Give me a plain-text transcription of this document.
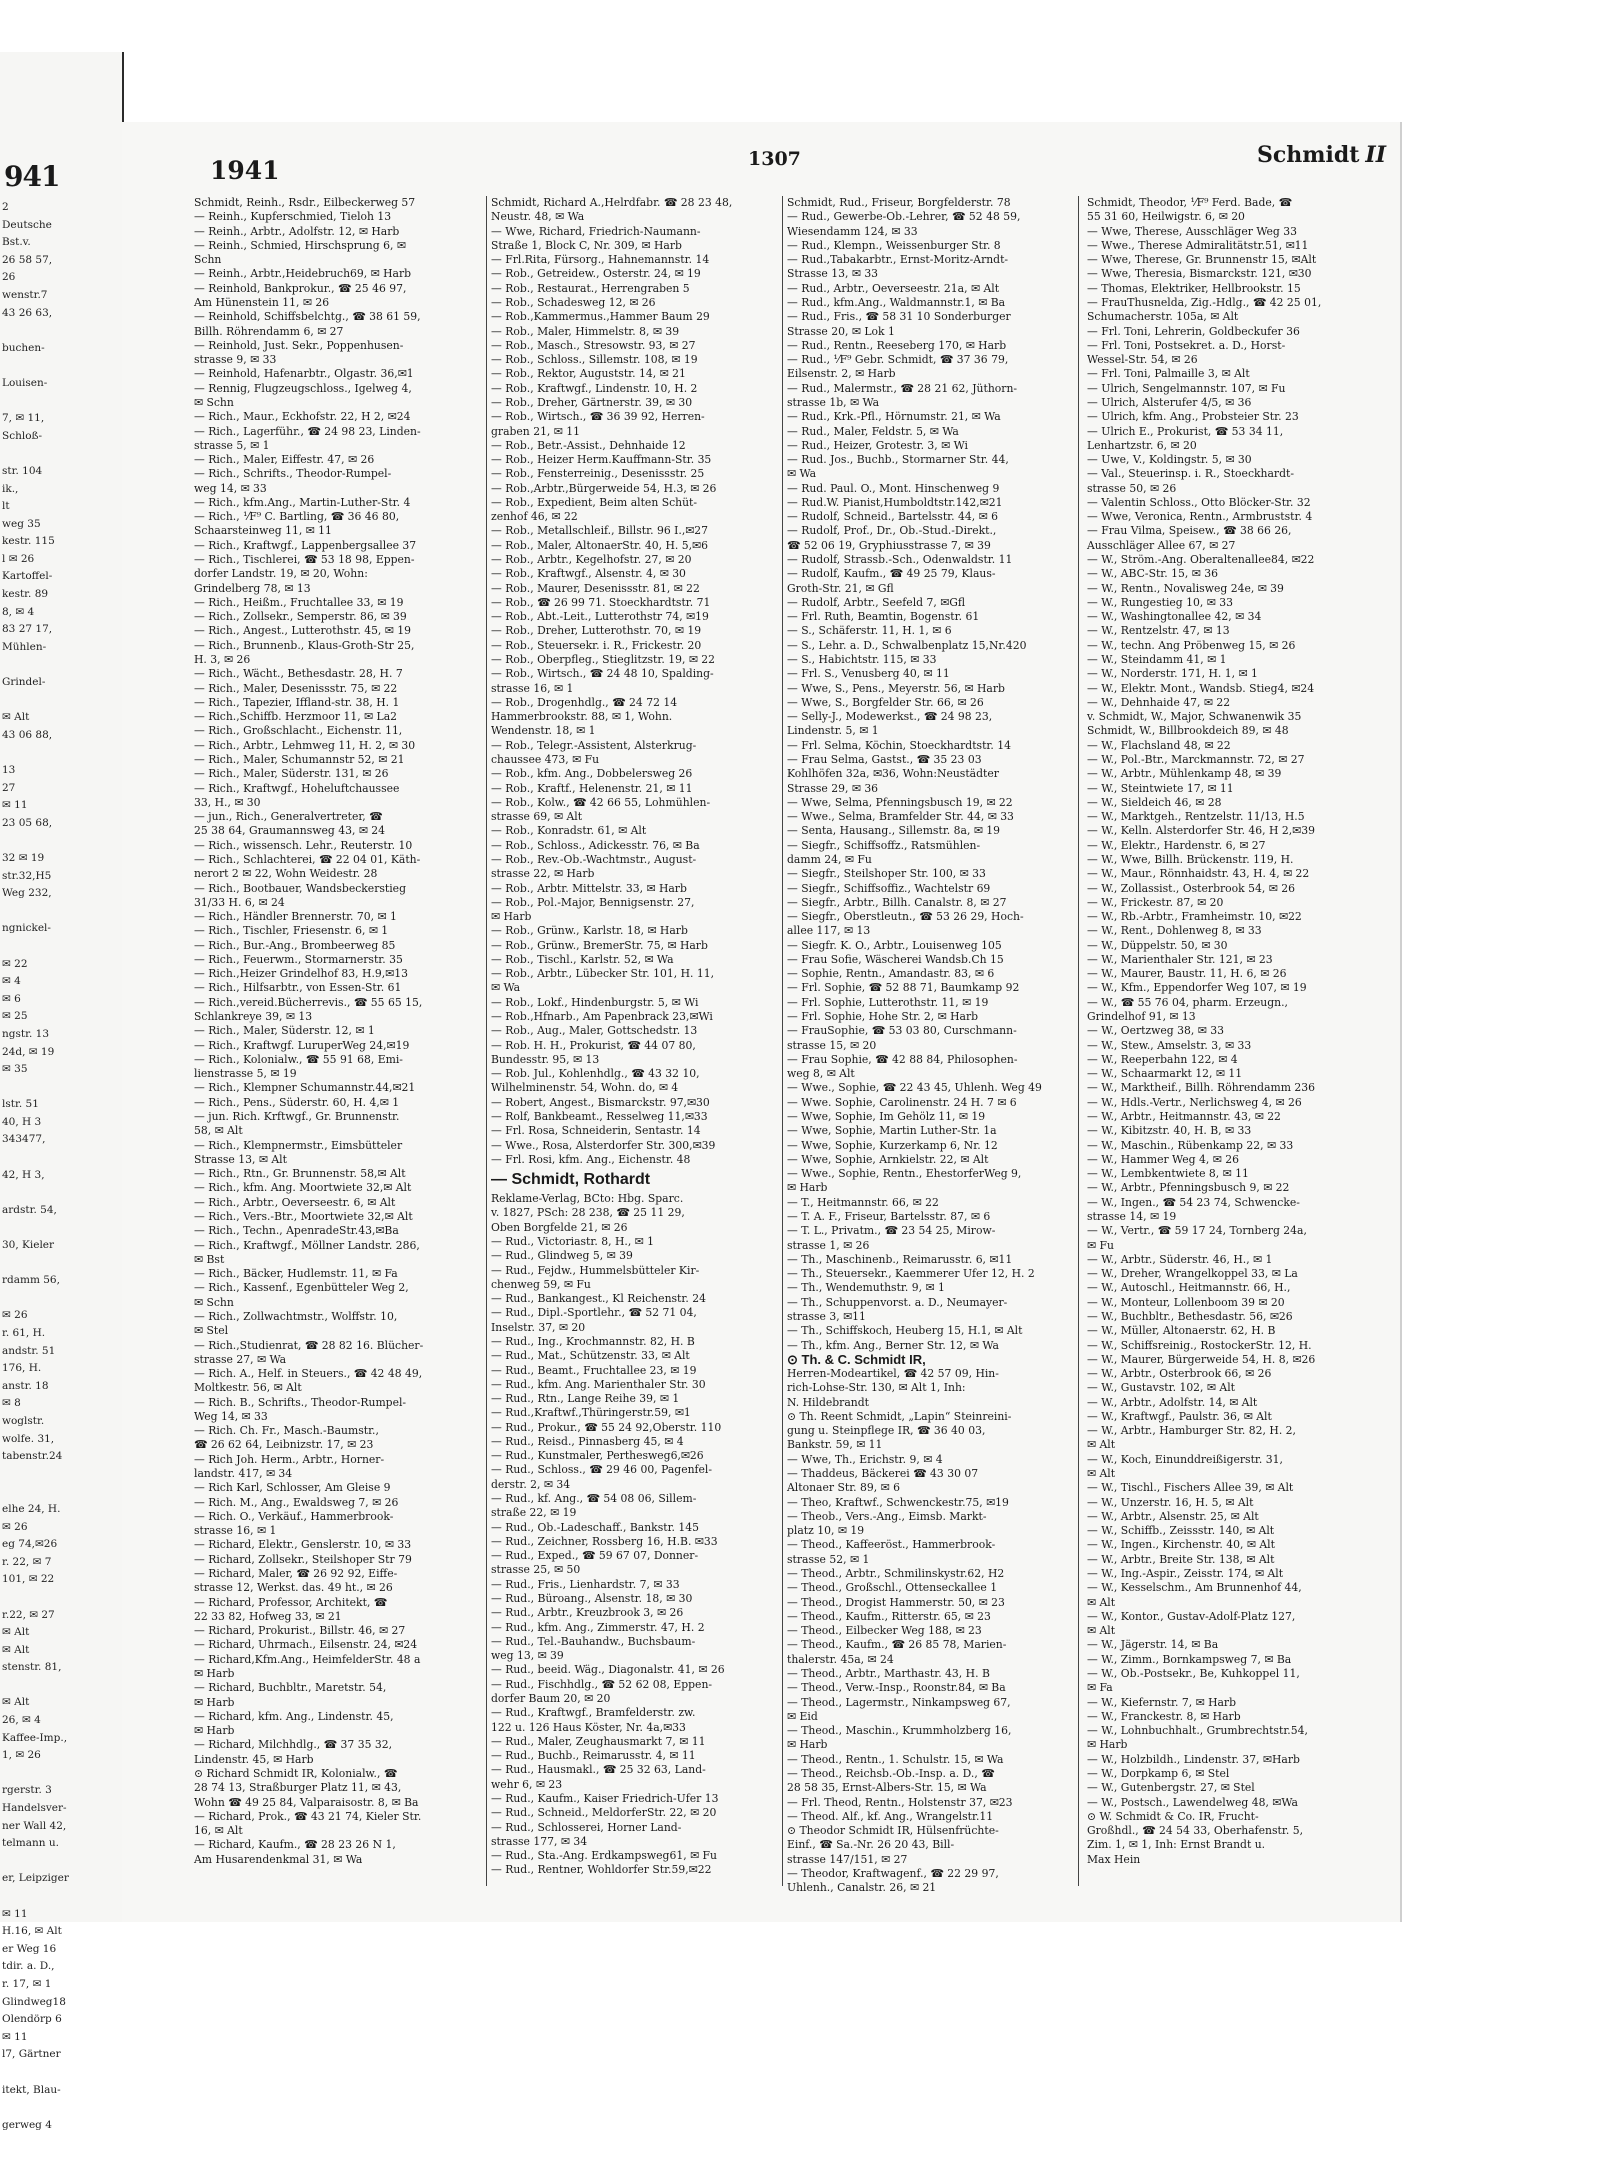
941
2
Deutsche
Bst.v.
26 58 57,
26
wenstr.7
43 26 63,

buchen-

Louisen-

7, ✉ 11,
Schloß-

str. 104
ik.,
lt
weg 35
kestr. 115
l ✉ 26
Kartoffel-
kestr. 89
8, ✉ 4
83 27 17,
Mühlen-

Grindel-

✉ Alt
43 06 88,

13
27
✉ 11
23 05 68,

32 ✉ 19
str.32,H5
Weg 232,

ngnickel-

✉ 22
✉ 4
✉ 6
✉ 25
ngstr. 13
24d, ✉ 19
✉ 35

lstr. 51
40, H 3
343477,

42, H 3,

ardstr. 54,

30, Kieler

rdamm 56,

✉ 26
r. 61, H.
andstr. 51
176, H.
anstr. 18
✉ 8
woglstr.
wolfe. 31,
tabenstr.24

elhe 24, H.
✉ 26
eg 74,✉26
r. 22, ✉ 7
101, ✉ 22

r.22, ✉ 27
✉ Alt
✉ Alt
stenstr. 81,

✉ Alt
26, ✉ 4
Kaffee-Imp.,
1, ✉ 26

rgerstr. 3
Handelsver-
ner Wall 42,
telmann u.

er, Leipziger

✉ 11
H.16, ✉ Alt
er Weg 16
tdir. a. D.,
r. 17, ✉ 1
Glindweg18
Olendörp 6
✉ 11
l7, Gärtner

itekt, Blau-

gerweg 4
1941	1307	Schmidt II
Schmidt, Reinh., Rsdr., Eilbeckerweg 57
— Reinh., Kupferschmied, Tieloh 13
— Reinh., Arbtr., Adolfstr. 12, ✉ Harb
— Reinh., Schmied, Hirschsprung 6, ✉
Schn
— Reinh., Arbtr.,Heidebruch69, ✉ Harb
— Reinhold, Bankprokur., ☎ 25 46 97,
Am Hünenstein 11, ✉ 26
— Reinhold, Schiffsbelchtg., ☎ 38 61 59,
Billh. Röhrendamm 6, ✉ 27
— Reinhold, Just. Sekr., Poppenhusen-
strasse 9, ✉ 33
— Reinhold, Hafenarbtr., Olgastr. 36,✉1
— Rennig, Flugzeugschloss., Igelweg 4,
✉ Schn
— Rich., Maur., Eckhofstr. 22, H 2, ✉24
— Rich., Lagerführ., ☎ 24 98 23, Linden-
strasse 5, ✉ 1
— Rich., Maler, Eiffestr. 47, ✉ 26
— Rich., Schrifts., Theodor-Rumpel-
weg 14, ✉ 33
— Rich., kfm.Ang., Martin-Luther-Str. 4
— Rich., ⅟F⁹ C. Bartling, ☎ 36 46 80,
Schaarsteinweg 11, ✉ 11
— Rich., Kraftwgf., Lappenbergsallee 37
— Rich., Tischlerei, ☎ 53 18 98, Eppen-
dorfer Landstr. 19, ✉ 20, Wohn:
Grindelberg 78, ✉ 13
— Rich., Heißm., Fruchtallee 33, ✉ 19
— Rich., Zollsekr., Semperstr. 86, ✉ 39
— Rich., Angest., Lutterothstr. 45, ✉ 19
— Rich., Brunnenb., Klaus-Groth-Str 25,
H. 3, ✉ 26
— Rich., Wächt., Bethesdastr. 28, H. 7
— Rich., Maler, Desenissstr. 75, ✉ 22
— Rich., Tapezier, Iffland-str. 38, H. 1
— Rich.,Schiffb. Herzmoor 11, ✉ La2
— Rich., Großschlacht., Eichenstr. 11,
— Rich., Arbtr., Lehmweg 11, H. 2, ✉ 30
— Rich., Maler, Schumannstr 52, ✉ 21
— Rich., Maler, Süderstr. 131, ✉ 26
— Rich., Kraftwgf., Hoheluftchaussee
33, H., ✉ 30
— jun., Rich., Generalvertreter, ☎
25 38 64, Graumannsweg 43, ✉ 24
— Rich., wissensch. Lehr., Reuterstr. 10
— Rich., Schlachterei, ☎ 22 04 01, Käth-
nerort 2 ✉ 22, Wohn Weidestr. 28
— Rich., Bootbauer, Wandsbeckerstieg
31/33 H. 6, ✉ 24
— Rich., Händler Brennerstr. 70, ✉ 1
— Rich., Tischler, Friesenstr. 6, ✉ 1
— Rich., Bur.-Ang., Brombeerweg 85
— Rich., Feuerwm., Stormarnerstr. 35
— Rich.,Heizer Grindelhof 83, H.9,✉13
— Rich., Hilfsarbtr., von Essen-Str. 61
— Rich.,vereid.Bücherrevis., ☎ 55 65 15,
Schlankreye 39, ✉ 13
— Rich., Maler, Süderstr. 12, ✉ 1
— Rich., Kraftwgf. LuruperWeg 24,✉19
— Rich., Kolonialw., ☎ 55 91 68, Emi-
lienstrasse 5, ✉ 19
— Rich., Klempner Schumannstr.44,✉21
— Rich., Pens., Süderstr. 60, H. 4,✉ 1
— jun. Rich. Krftwgf., Gr. Brunnenstr.
58, ✉ Alt
— Rich., Klempnermstr., Eimsbütteler
Strasse 13, ✉ Alt
— Rich., Rtn., Gr. Brunnenstr. 58,✉ Alt
— Rich., kfm. Ang. Moortwiete 32,✉ Alt
— Rich., Arbtr., Oeverseestr. 6, ✉ Alt
— Rich., Vers.-Btr., Moortwiete 32,✉ Alt
— Rich., Techn., ApenradeStr.43,✉Ba
— Rich., Kraftwgf., Möllner Landstr. 286,
✉ Bst
— Rich., Bäcker, Hudlemstr. 11, ✉ Fa
— Rich., Kassenf., Egenbütteler Weg 2,
✉ Schn
— Rich., Zollwachtmstr., Wolffstr. 10,
✉ Stel
— Rich.,Studienrat, ☎ 28 82 16. Blücher-
strasse 27, ✉ Wa
— Rich. A., Helf. in Steuers., ☎ 42 48 49,
Moltkestr. 56, ✉ Alt
— Rich. B., Schrifts., Theodor-Rumpel-
Weg 14, ✉ 33
— Rich. Ch. Fr., Masch.-Baumstr.,
☎ 26 62 64, Leibnizstr. 17, ✉ 23
— Rich Joh. Herm., Arbtr., Horner-
landstr. 417, ✉ 34
— Rich Karl, Schlosser, Am Gleise 9
— Rich. M., Ang., Ewaldsweg 7, ✉ 26
— Rich. O., Verkäuf., Hammerbrook-
strasse 16, ✉ 1
— Richard, Elektr., Genslerstr. 10, ✉ 33
— Richard, Zollsekr., Steilshoper Str 79
— Richard, Maler, ☎ 26 92 92, Eiffe-
strasse 12, Werkst. das. 49 ht., ✉ 26
— Richard, Professor, Architekt, ☎
22 33 82, Hofweg 33, ✉ 21
— Richard, Prokurist., Billstr. 46, ✉ 27
— Richard, Uhrmach., Eilsenstr. 24, ✉24
— Richard,Kfm.Ang., HeimfelderStr. 48 a
✉ Harb
— Richard, Buchbltr., Maretstr. 54,
✉ Harb
— Richard, kfm. Ang., Lindenstr. 45,
✉ Harb
— Richard, Milchhdlg., ☎ 37 35 32,
Lindenstr. 45, ✉ Harb
⊙ Richard Schmidt IR, Kolonialw., ☎
28 74 13, Straßburger Platz 11, ✉ 43,
Wohn ☎ 49 25 84, Valparaisostr. 8, ✉ Ba
— Richard, Prok., ☎ 43 21 74, Kieler Str.
16, ✉ Alt
— Richard, Kaufm., ☎ 28 23 26 N 1,
Am Husarendenkmal 31, ✉ Wa
Schmidt, Richard A.,Helrdfabr. ☎ 28 23 48,
Neustr. 48, ✉ Wa
— Wwe, Richard, Friedrich-Naumann-
Straße 1, Block C, Nr. 309, ✉ Harb
— Frl.Rita, Fürsorg., Hahnemannstr. 14
— Rob., Getreidew., Osterstr. 24, ✉ 19
— Rob., Restaurat., Herrengraben 5
— Rob., Schadesweg 12, ✉ 26
— Rob.,Kammermus.,Hammer Baum 29
— Rob., Maler, Himmelstr. 8, ✉ 39
— Rob., Masch., Stresowstr. 93, ✉ 27
— Rob., Schloss., Sillemstr. 108, ✉ 19
— Rob., Rektor, Auguststr. 14, ✉ 21
— Rob., Kraftwgf., Lindenstr. 10, H. 2
— Rob., Dreher, Gärtnerstr. 39, ✉ 30
— Rob., Wirtsch., ☎ 36 39 92, Herren-
graben 21, ✉ 11
— Rob., Betr.-Assist., Dehnhaide 12
— Rob., Heizer Herm.Kauffmann-Str. 35
— Rob., Fensterreinig., Desenissstr. 25
— Rob.,Arbtr.,Bürgerweide 54, H.3, ✉ 26
— Rob., Expedient, Beim alten Schüt-
zenhof 46, ✉ 22
— Rob., Metallschleif., Billstr. 96 I.,✉27
— Rob., Maler, AltonaerStr. 40, H. 5,✉6
— Rob., Arbtr., Kegelhofstr. 27, ✉ 20
— Rob., Kraftwgf., Alsenstr. 4, ✉ 30
— Rob., Maurer, Desenissstr. 81, ✉ 22
— Rob., ☎ 26 99 71. Stoeckhardtstr. 71
— Rob., Abt.-Leit., Lutterothstr 74, ✉19
— Rob., Dreher, Lutterothstr. 70, ✉ 19
— Rob., Steuersekr. i. R., Frickestr. 20
— Rob., Oberpfleg., Stieglitzstr. 19, ✉ 22
— Rob., Wirtsch., ☎ 24 48 10, Spalding-
strasse 16, ✉ 1
— Rob., Drogenhdlg., ☎ 24 72 14
Hammerbrookstr. 88, ✉ 1, Wohn.
Wendenstr. 18, ✉ 1
— Rob., Telegr.-Assistent, Alsterkrug-
chaussee 473, ✉ Fu
— Rob., kfm. Ang., Dobbelersweg 26
— Rob., Kraftf., Helenenstr. 21, ✉ 11
— Rob., Kolw., ☎ 42 66 55, Lohmühlen-
strasse 69, ✉ Alt
— Rob., Konradstr. 61, ✉ Alt
— Rob., Schloss., Adickesstr. 76, ✉ Ba
— Rob., Rev.-Ob.-Wachtmstr., August-
strasse 22, ✉ Harb
— Rob., Arbtr. Mittelstr. 33, ✉ Harb
— Rob., Pol.-Major, Bennigsenstr. 27,
✉ Harb
— Rob., Grünw., Karlstr. 18, ✉ Harb
— Rob., Grünw., BremerStr. 75, ✉ Harb
— Rob., Tischl., Karlstr. 52, ✉ Wa
— Rob., Arbtr., Lübecker Str. 101, H. 11,
✉ Wa
— Rob., Lokf., Hindenburgstr. 5, ✉ Wi
— Rob.,Hfnarb., Am Papenbrack 23,✉Wi
— Rob., Aug., Maler, Gottschedstr. 13
— Rob. H. H., Prokurist, ☎ 44 07 80,
Bundesstr. 95, ✉ 13
— Rob. Jul., Kohlenhdlg., ☎ 43 32 10,
Wilhelminenstr. 54, Wohn. do, ✉ 4
— Robert, Angest., Bismarckstr. 97,✉30
— Rolf, Bankbeamt., Resselweg 11,✉33
— Frl. Rosa, Schneiderin, Sentastr. 14
— Wwe., Rosa, Alsterdorfer Str. 300,✉39
— Frl. Rosi, kfm. Ang., Eichenstr. 48
— Schmidt, Rothardt
Reklame-Verlag, BCto: Hbg. Sparc.
v. 1827, PSch: 28 238, ☎ 25 11 29,
Oben Borgfelde 21, ✉ 26
— Rud., Victoriastr. 8, H., ✉ 1
— Rud., Glindweg 5, ✉ 39
— Rud., Fejdw., Hummelsbütteler Kir-
chenweg 59, ✉ Fu
— Rud., Bankangest., Kl Reichenstr. 24
— Rud., Dipl.-Sportlehr., ☎ 52 71 04,
Inselstr. 37, ✉ 20
— Rud., Ing., Krochmannstr. 82, H. B
— Rud., Mat., Schützenstr. 33, ✉ Alt
— Rud., Beamt., Fruchtallee 23, ✉ 19
— Rud., kfm. Ang. Marienthaler Str. 30
— Rud., Rtn., Lange Reihe 39, ✉ 1
— Rud.,Kraftwf.,Thüringerstr.59, ✉1
— Rud., Prokur., ☎ 55 24 92,Oberstr. 110
— Rud., Reisd., Pinnasberg 45, ✉ 4
— Rud., Kunstmaler, Perthesweg6,✉26
— Rud., Schloss., ☎ 29 46 00, Pagenfel-
derstr. 2, ✉ 34
— Rud., kf. Ang., ☎ 54 08 06, Sillem-
straße 22, ✉ 19
— Rud., Ob.-Ladeschaff., Bankstr. 145
— Rud., Zeichner, Rossberg 16, H.B. ✉33
— Rud., Exped., ☎ 59 67 07, Donner-
strasse 25, ✉ 50
— Rud., Fris., Lienhardstr. 7, ✉ 33
— Rud., Büroang., Alsenstr. 18, ✉ 30
— Rud., Arbtr., Kreuzbrook 3, ✉ 26
— Rud., kfm. Ang., Zimmerstr. 47, H. 2
— Rud., Tel.-Bauhandw., Buchsbaum-
weg 13, ✉ 39
— Rud., beeid. Wäg., Diagonalstr. 41, ✉ 26
— Rud., Fischhdlg., ☎ 52 62 08, Eppen-
dorfer Baum 20, ✉ 20
— Rud., Kraftwgf., Bramfelderstr. zw.
122 u. 126 Haus Köster, Nr. 4a,✉33
— Rud., Maler, Zeughausmarkt 7, ✉ 11
— Rud., Buchb., Reimarusstr. 4, ✉ 11
— Rud., Hausmakl., ☎ 25 32 63, Land-
wehr 6, ✉ 23
— Rud., Kaufm., Kaiser Friedrich-Ufer 13
— Rud., Schneid., MeldorferStr. 22, ✉ 20
— Rud., Schlosserei, Horner Land-
strasse 177, ✉ 34
— Rud., Sta.-Ang. Erdkampsweg61, ✉ Fu
— Rud., Rentner, Wohldorfer Str.59,✉22
Schmidt, Rud., Friseur, Borgfelderstr. 78
— Rud., Gewerbe-Ob.-Lehrer, ☎ 52 48 59,
Wiesendamm 124, ✉ 33
— Rud., Klempn., Weissenburger Str. 8
— Rud.,Tabakarbtr., Ernst-Moritz-Arndt-
Strasse 13, ✉ 33
— Rud., Arbtr., Oeverseestr. 21a, ✉ Alt
— Rud., kfm.Ang., Waldmannstr.1, ✉ Ba
— Rud., Fris., ☎ 58 31 10 Sonderburger
Strasse 20, ✉ Lok 1
— Rud., Rentn., Reeseberg 170, ✉ Harb
— Rud., ⅟F⁹ Gebr. Schmidt, ☎ 37 36 79,
Eilsenstr. 2, ✉ Harb
— Rud., Malermstr., ☎ 28 21 62, Jüthorn-
strasse 1b, ✉ Wa
— Rud., Krk.-Pfl., Hörnumstr. 21, ✉ Wa
— Rud., Maler, Feldstr. 5, ✉ Wa
— Rud., Heizer, Grotestr. 3, ✉ Wi
— Rud. Jos., Buchb., Stormarner Str. 44,
✉ Wa
— Rud. Paul. O., Mont. Hinschenweg 9
— Rud.W. Pianist,Humboldtstr.142,✉21
— Rudolf, Schneid., Bartelsstr. 44, ✉ 6
— Rudolf, Prof., Dr., Ob.-Stud.-Direkt.,
☎ 52 06 19, Gryphiusstrasse 7, ✉ 39
— Rudolf, Strassb.-Sch., Odenwaldstr. 11
— Rudolf, Kaufm., ☎ 49 25 79, Klaus-
Groth-Str. 21, ✉ Gfl
— Rudolf, Arbtr., Seefeld 7, ✉Gfl
— Frl. Ruth, Beamtin, Bogenstr. 61
— S., Schäferstr. 11, H. 1, ✉ 6
— S., Lehr. a. D., Schwalbenplatz 15,Nr.420
— S., Habichtstr. 115, ✉ 33
— Frl. S., Venusberg 40, ✉ 11
— Wwe, S., Pens., Meyerstr. 56, ✉ Harb
— Wwe, S., Borgfelder Str. 66, ✉ 26
— Selly-J., Modewerkst., ☎ 24 98 23,
Lindenstr. 5, ✉ 1
— Frl. Selma, Köchin, Stoeckhardtstr. 14
— Frau Selma, Gastst., ☎ 35 23 03
Kohlhöfen 32a, ✉36, Wohn:Neustädter
Strasse 29, ✉ 36
— Wwe, Selma, Pfenningsbusch 19, ✉ 22
— Wwe., Selma, Bramfelder Str. 44, ✉ 33
— Senta, Hausang., Sillemstr. 8a, ✉ 19
— Siegfr., Schiffsoffz., Ratsmühlen-
damm 24, ✉ Fu
— Siegfr., Steilshoper Str. 100, ✉ 33
— Siegfr., Schiffsoffiz., Wachtelstr 69
— Siegfr., Arbtr., Billh. Canalstr. 8, ✉ 27
— Siegfr., Oberstleutn., ☎ 53 26 29, Hoch-
allee 117, ✉ 13
— Siegfr. K. O., Arbtr., Louisenweg 105
— Frau Sofie, Wäscherei Wandsb.Ch 15
— Sophie, Rentn., Amandastr. 83, ✉ 6
— Frl. Sophie, ☎ 52 88 71, Baumkamp 92
— Frl. Sophie, Lutterothstr. 11, ✉ 19
— Frl. Sophie, Hohe Str. 2, ✉ Harb
— FrauSophie, ☎ 53 03 80, Curschmann-
strasse 15, ✉ 20
— Frau Sophie, ☎ 42 88 84, Philosophen-
weg 8, ✉ Alt
— Wwe., Sophie, ☎ 22 43 45, Uhlenh. Weg 49
— Wwe. Sophie, Carolinenstr. 24 H. 7 ✉ 6
— Wwe, Sophie, Im Gehölz 11, ✉ 19
— Wwe, Sophie, Martin Luther-Str. 1a
— Wwe, Sophie, Kurzerkamp 6, Nr. 12
— Wwe, Sophie, Arnkielstr. 22, ✉ Alt
— Wwe., Sophie, Rentn., EhestorferWeg 9,
✉ Harb
— T., Heitmannstr. 66, ✉ 22
— T. A. F., Friseur, Bartelsstr. 87, ✉ 6
— T. L., Privatm., ☎ 23 54 25, Mirow-
strasse 1, ✉ 26
— Th., Maschinenb., Reimarusstr. 6, ✉11
— Th., Steuersekr., Kaemmerer Ufer 12, H. 2
— Th., Wendemuthstr. 9, ✉ 1
— Th., Schuppenvorst. a. D., Neumayer-
strasse 3, ✉11
— Th., Schiffskoch, Heuberg 15, H.1, ✉ Alt
— Th., kfm. Ang., Berner Str. 12, ✉ Wa
⊙ Th. & C. Schmidt IR,
Herren-Modeartikel, ☎ 42 57 09, Hin-
rich-Lohse-Str. 130, ✉ Alt 1, Inh:
N. Hildebrandt
⊙ Th. Reent Schmidt, „Lapin“ Steinreini-
gung u. Steinpflege IR, ☎ 36 40 03,
Bankstr. 59, ✉ 11
— Wwe, Th., Erichstr. 9, ✉ 4
— Thaddeus, Bäckerei ☎ 43 30 07
Altonaer Str. 89, ✉ 6
— Theo, Kraftwf., Schwenckestr.75, ✉19
— Theob., Vers.-Ang., Eimsb. Markt-
platz 10, ✉ 19
— Theod., Kaffeeröst., Hammerbrook-
strasse 52, ✉ 1
— Theod., Arbtr., Schmilinskystr.62, H2
— Theod., Großschl., Ottenseckallee 1
— Theod., Drogist Hammerstr. 50, ✉ 23
— Theod., Kaufm., Ritterstr. 65, ✉ 23
— Theod., Eilbecker Weg 188, ✉ 23
— Theod., Kaufm., ☎ 26 85 78, Marien-
thalerstr. 45a, ✉ 24
— Theod., Arbtr., Marthastr. 43, H. B
— Theod., Verw.-Insp., Roonstr.84, ✉ Ba
— Theod., Lagermstr., Ninkampsweg 67,
✉ Eid
— Theod., Maschin., Krummholzberg 16,
✉ Harb
— Theod., Rentn., 1. Schulstr. 15, ✉ Wa
— Theod., Reichsb.-Ob.-Insp. a. D., ☎
28 58 35, Ernst-Albers-Str. 15, ✉ Wa
— Frl. Theod, Rentn., Holstenstr 37, ✉23
— Theod. Alf., kf. Ang., Wrangelstr.11
⊙ Theodor Schmidt IR, Hülsenfrüchte-
Einf., ☎ Sa.-Nr. 26 20 43, Bill-
strasse 147/151, ✉ 27
— Theodor, Kraftwagenf., ☎ 22 29 97,
Uhlenh., Canalstr. 26, ✉ 21
Schmidt, Theodor, ⅟F⁹ Ferd. Bade, ☎
55 31 60, Heilwigstr. 6, ✉ 20
— Wwe, Therese, Ausschläger Weg 33
— Wwe., Therese Admiralitätstr.51, ✉11
— Wwe, Therese, Gr. Brunnenstr 15, ✉Alt
— Wwe, Theresia, Bismarckstr. 121, ✉30
— Thomas, Elektriker, Hellbrookstr. 15
— FrauThusnelda, Zig.-Hdlg., ☎ 42 25 01,
Schumacherstr. 105a, ✉ Alt
— Frl. Toni, Lehrerin, Goldbeckufer 36
— Frl. Toni, Postsekret. a. D., Horst-
Wessel-Str. 54, ✉ 26
— Frl. Toni, Palmaille 3, ✉ Alt
— Ulrich, Sengelmannstr. 107, ✉ Fu
— Ulrich, Alsterufer 4/5, ✉ 36
— Ulrich, kfm. Ang., Probsteier Str. 23
— Ulrich E., Prokurist, ☎ 53 34 11,
Lenhartzstr. 6, ✉ 20
— Uwe, V., Koldingstr. 5, ✉ 30
— Val., Steuerinsp. i. R., Stoeckhardt-
strasse 50, ✉ 26
— Valentin Schloss., Otto Blöcker-Str. 32
— Wwe, Veronica, Rentn., Armbruststr. 4
— Frau Vilma, Speisew., ☎ 38 66 26,
Ausschläger Allee 67, ✉ 27
— W., Ström.-Ang. Oberaltenallee84, ✉22
— W., ABC-Str. 15, ✉ 36
— W., Rentn., Novalisweg 24e, ✉ 39
— W., Rungestieg 10, ✉ 33
— W., Washingtonallee 42, ✉ 34
— W., Rentzelstr. 47, ✉ 13
— W., techn. Ang Pröbenweg 15, ✉ 26
— W., Steindamm 41, ✉ 1
— W., Norderstr. 171, H. 1, ✉ 1
— W., Elektr. Mont., Wandsb. Stieg4, ✉24
— W., Dehnhaide 47, ✉ 22
v. Schmidt, W., Major, Schwanenwik 35
Schmidt, W., Billbrookdeich 89, ✉ 48
— W., Flachsland 48, ✉ 22
— W., Pol.-Btr., Marckmannstr. 72, ✉ 27
— W., Arbtr., Mühlenkamp 48, ✉ 39
— W., Steintwiete 17, ✉ 11
— W., Sieldeich 46, ✉ 28
— W., Marktgeh., Rentzelstr. 11/13, H.5
— W., Kelln. Alsterdorfer Str. 46, H 2,✉39
— W., Elektr., Hardenstr. 6, ✉ 27
— W., Wwe, Billh. Brückenstr. 119, H.
— W., Maur., Rönnhaidstr. 43, H. 4, ✉ 22
— W., Zollassist., Osterbrook 54, ✉ 26
— W., Frickestr. 87, ✉ 20
— W., Rb.-Arbtr., Framheimstr. 10, ✉22
— W., Rent., Dohlenweg 8, ✉ 33
— W., Düppelstr. 50, ✉ 30
— W., Marienthaler Str. 121, ✉ 23
— W., Maurer, Baustr. 11, H. 6, ✉ 26
— W., Kfm., Eppendorfer Weg 107, ✉ 19
— W., ☎ 55 76 04, pharm. Erzeugn.,
Grindelhof 91, ✉ 13
— W., Oertzweg 38, ✉ 33
— W., Stew., Amselstr. 3, ✉ 33
— W., Reeperbahn 122, ✉ 4
— W., Schaarmarkt 12, ✉ 11
— W., Marktheif., Billh. Röhrendamm 236
— W., Hdls.-Vertr., Nerlichsweg 4, ✉ 26
— W., Arbtr., Heitmannstr. 43, ✉ 22
— W., Kibitzstr. 40, H. B, ✉ 33
— W., Maschin., Rübenkamp 22, ✉ 33
— W., Hammer Weg 4, ✉ 26
— W., Lembkentwiete 8, ✉ 11
— W., Arbtr., Pfenningsbusch 9, ✉ 22
— W., Ingen., ☎ 54 23 74, Schwencke-
strasse 14, ✉ 19
— W., Vertr., ☎ 59 17 24, Tornberg 24a,
✉ Fu
— W., Arbtr., Süderstr. 46, H., ✉ 1
— W., Dreher, Wrangelkoppel 33, ✉ La
— W., Autoschl., Heitmannstr. 66, H.,
— W., Monteur, Lollenboom 39 ✉ 20
— W., Buchbltr., Bethesdastr. 56, ✉26
— W., Müller, Altonaerstr. 62, H. B
— W., Schiffsreinig., RostockerStr. 12, H.
— W., Maurer, Bürgerweide 54, H. 8, ✉26
— W., Arbtr., Osterbrook 66, ✉ 26
— W., Gustavstr. 102, ✉ Alt
— W., Arbtr., Adolfstr. 14, ✉ Alt
— W., Kraftwgf., Paulstr. 36, ✉ Alt
— W., Arbtr., Hamburger Str. 82, H. 2,
✉ Alt
— W., Koch, Einunddreißigerstr. 31,
✉ Alt
— W., Tischl., Fischers Allee 39, ✉ Alt
— W., Unzerstr. 16, H. 5, ✉ Alt
— W., Arbtr., Alsenstr. 25, ✉ Alt
— W., Schiffb., Zeissstr. 140, ✉ Alt
— W., Ingen., Kirchenstr. 40, ✉ Alt
— W., Arbtr., Breite Str. 138, ✉ Alt
— W., Ing.-Aspir., Zeisstr. 174, ✉ Alt
— W., Kesselschm., Am Brunnenhof 44,
✉ Alt
— W., Kontor., Gustav-Adolf-Platz 127,
✉ Alt
— W., Jägerstr. 14, ✉ Ba
— W., Zimm., Bornkampsweg 7, ✉ Ba
— W., Ob.-Postsekr., Be, Kuhkoppel 11,
✉ Fa
— W., Kiefernstr. 7, ✉ Harb
— W., Franckestr. 8, ✉ Harb
— W., Lohnbuchhalt., Grumbrechtstr.54,
✉ Harb
— W., Holzbildh., Lindenstr. 37, ✉Harb
— W., Dorpkamp 6, ✉ Stel
— W., Gutenbergstr. 27, ✉ Stel
— W., Postsch., Lawendelweg 48, ✉Wa
⊙ W. Schmidt & Co. IR, Frucht-
Großhdl., ☎ 24 54 33, Oberhafenstr. 5,
Zim. 1, ✉ 1, Inh: Ernst Brandt u.
Max Hein
